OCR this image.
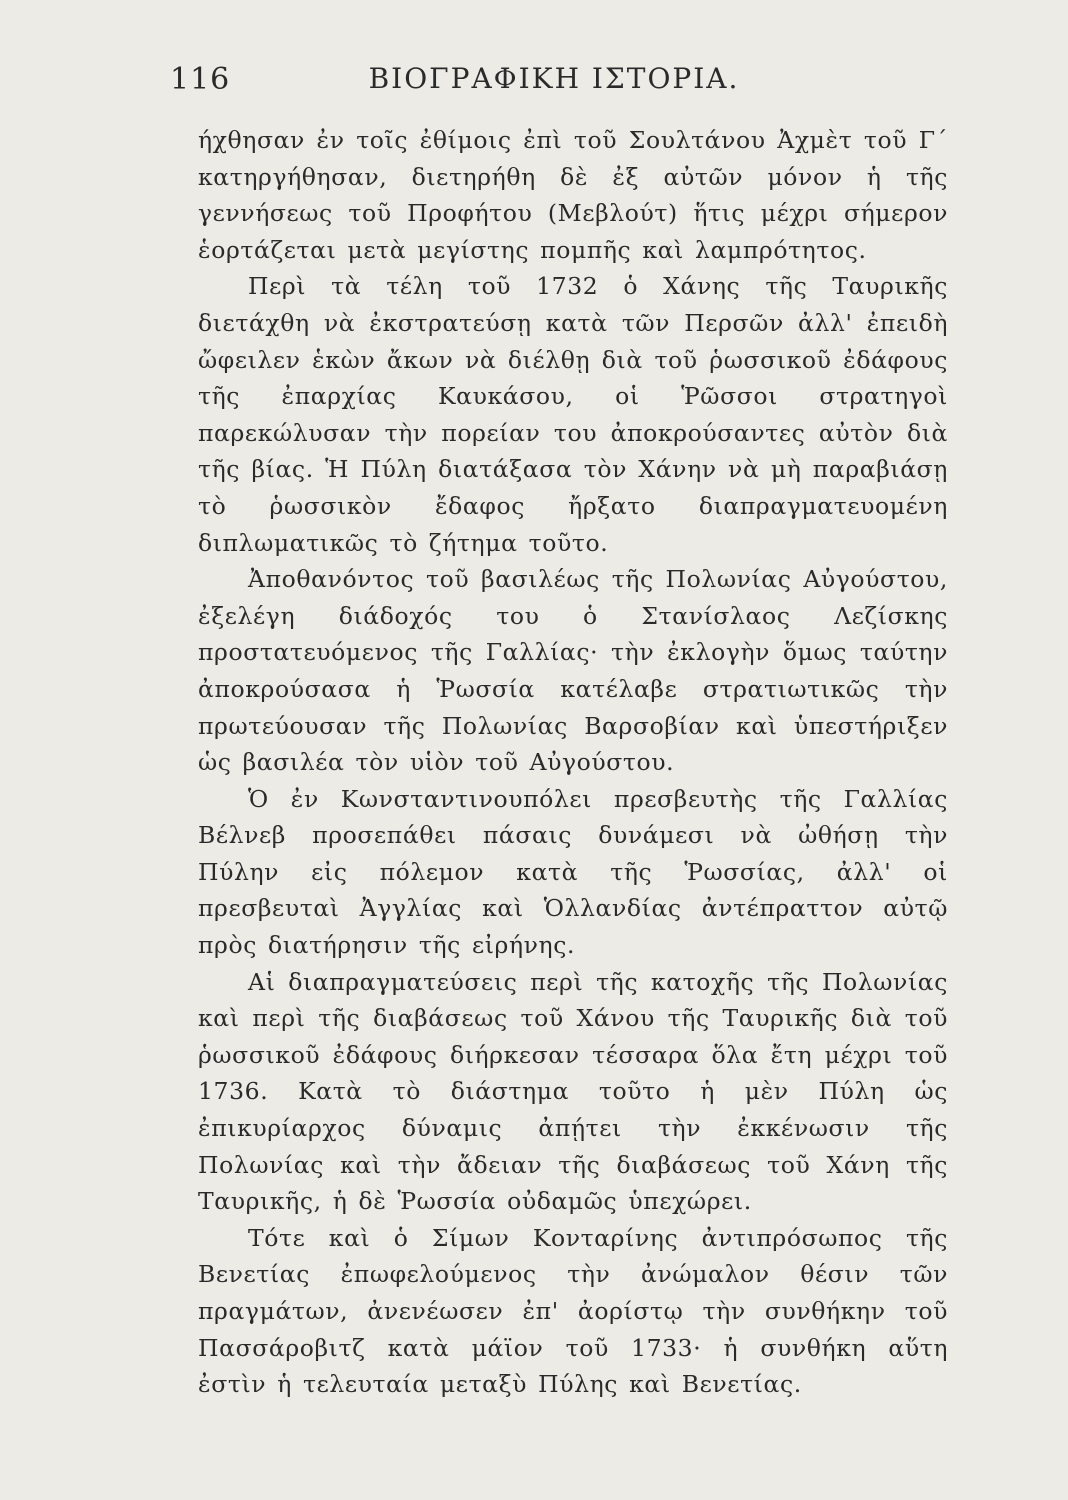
116	ΒΙΟΓΡΑΦΙΚΗ ΙΣΤΟΡΙΑ.

ήχθησαν ἐν τοῖς ἐθίμοις ἐπὶ τοῦ Σουλτάνου Ἀχμὲτ τοῦ Γ΄ κατηργήθησαν, διετηρήθη δὲ ἐξ αὐτῶν μόνον ἡ τῆς γεννήσεως τοῦ Προφήτου (Μεβλούτ) ἥτις μέχρι σήμερον ἑορτάζεται μετὰ μεγίστης πομπῆς καὶ λαμπρότητος.

Περὶ τὰ τέλη τοῦ 1732 ὁ Χάνης τῆς Ταυρικῆς διετάχθη νὰ ἐκστρατεύσῃ κατὰ τῶν Περσῶν ἀλλ' ἐπειδὴ ὤφειλεν ἑκὼν ἄκων νὰ διέλθῃ διὰ τοῦ ῥωσσικοῦ ἐδάφους τῆς ἐπαρχίας Καυκάσου, οἱ Ῥῶσσοι στρατηγοὶ παρεκώλυσαν τὴν πορείαν του ἀποκρούσαντες αὐτὸν διὰ τῆς βίας. Ἡ Πύλη διατάξασα τὸν Χάνην νὰ μὴ παραβιάσῃ τὸ ῥωσσικὸν ἔδαφος ἤρξατο διαπραγματευομένη διπλωματικῶς τὸ ζήτημα τοῦτο.

Ἀποθανόντος τοῦ βασιλέως τῆς Πολωνίας Αὐγούστου, ἐξελέγη διάδοχός του ὁ Στανίσλαος Λεζίσκης προστατευόμενος τῆς Γαλλίας· τὴν ἐκλογὴν ὅμως ταύτην ἀποκρούσασα ἡ Ῥωσσία κατέλαβε στρατιωτικῶς τὴν πρωτεύουσαν τῆς Πολωνίας Βαρσοβίαν καὶ ὑπεστήριξεν ὡς βασιλέα τὸν υἱὸν τοῦ Αὐγούστου.

Ὁ ἐν Κωνσταντινουπόλει πρεσβευτὴς τῆς Γαλλίας Βέλνεβ προσεπάθει πάσαις δυνάμεσι νὰ ὠθήσῃ τὴν Πύλην εἰς πόλεμον κατὰ τῆς Ῥωσσίας, ἀλλ' οἱ πρεσβευταὶ Ἀγγλίας καὶ Ὁλλανδίας ἀντέπραττον αὐτῷ πρὸς διατήρησιν τῆς εἰρήνης.

Αἱ διαπραγματεύσεις περὶ τῆς κατοχῆς τῆς Πολωνίας καὶ περὶ τῆς διαβάσεως τοῦ Χάνου τῆς Ταυρικῆς διὰ τοῦ ῥωσσικοῦ ἐδάφους διήρκεσαν τέσσαρα ὅλα ἔτη μέχρι τοῦ 1736. Κατὰ τὸ διάστημα τοῦτο ἡ μὲν Πύλη ὡς ἐπικυρίαρχος δύναμις ἀπῄτει τὴν ἐκκένωσιν τῆς Πολωνίας καὶ τὴν ἄδειαν τῆς διαβάσεως τοῦ Χάνη τῆς Ταυρικῆς, ἡ δὲ Ῥωσσία οὐδαμῶς ὑπεχώρει.

Τότε καὶ ὁ Σίμων Κονταρίνης ἀντιπρόσωπος τῆς Βενετίας ἐπωφελούμενος τὴν ἀνώμαλον θέσιν τῶν πραγμάτων, ἀνενέωσεν ἐπ' ἀορίστῳ τὴν συνθήκην τοῦ Πασσάροβιτζ κατὰ μάϊον τοῦ 1733· ἡ συνθήκη αὕτη ἐστὶν ἡ τελευταία μεταξὺ Πύλης καὶ Βενετίας.
